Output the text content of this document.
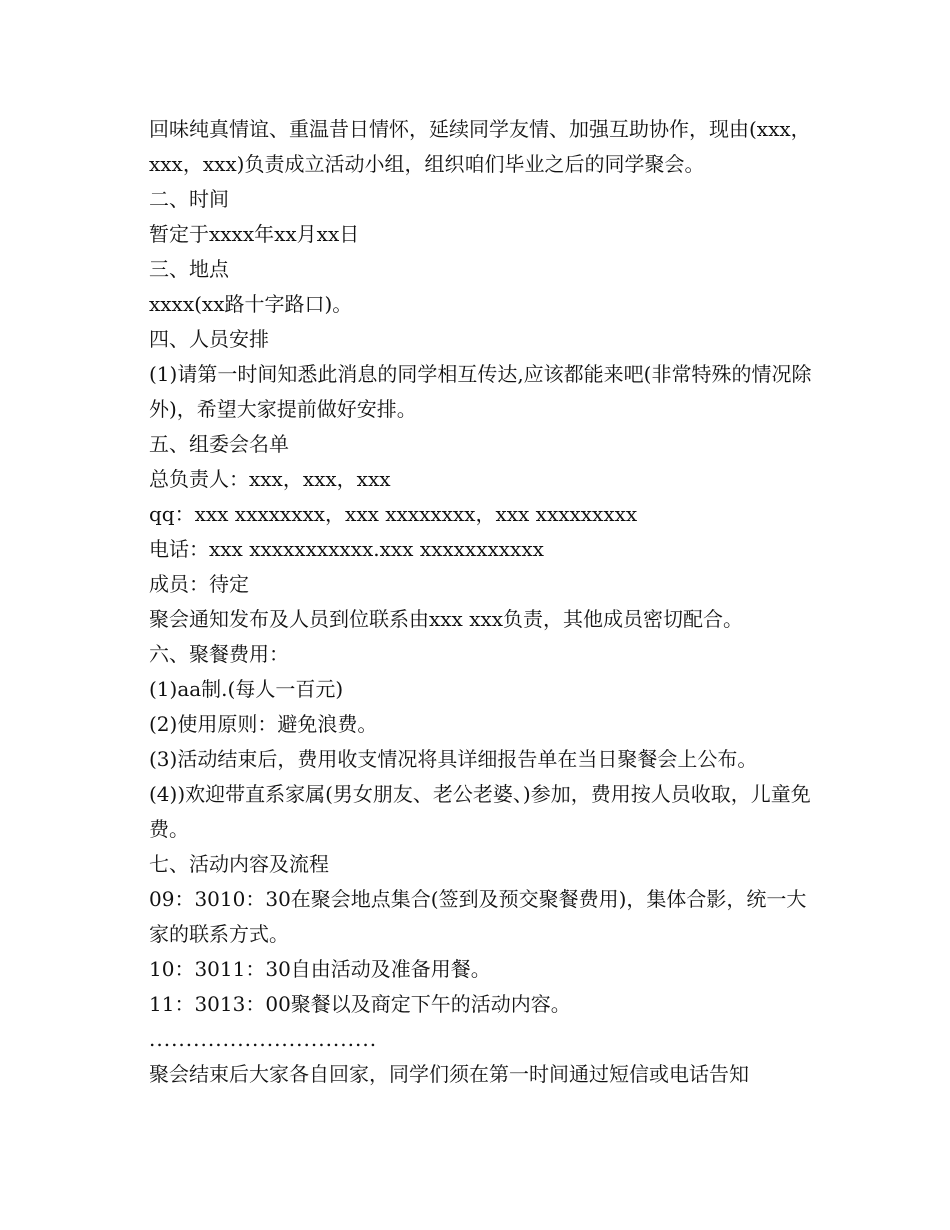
回味纯真情谊、重温昔日情怀，延续同学友情、加强互助协作，现由(xxx，xxx，xxx)负责成立活动小组，组织咱们毕业之后的同学聚会。

二、时间

暂定于xxxx年xx月xx日

三、地点

xxxx(xx路十字路口)。

四、人员安排

(1)请第一时间知悉此消息的同学相互传达,应该都能来吧(非常特殊的情况除外)，希望大家提前做好安排。

五、组委会名单

总负责人：xxx，xxx，xxx

qq：xxx xxxxxxxx，xxx xxxxxxxx，xxx xxxxxxxxx

电话：xxx xxxxxxxxxxx.xxx xxxxxxxxxxx

成员：待定

聚会通知发布及人员到位联系由xxx xxx负责，其他成员密切配合。

六、聚餐费用：

(1)aa制.(每人一百元)

(2)使用原则：避免浪费。

(3)活动结束后，费用收支情况将具详细报告单在当日聚餐会上公布。

(4))欢迎带直系家属(男女朋友、老公老婆、)参加，费用按人员收取，儿童免费。

七、活动内容及流程

09：3010：30在聚会地点集合(签到及预交聚餐费用)，集体合影，统一大家的联系方式。

10：3011：30自由活动及准备用餐。

11：3013：00聚餐以及商定下午的活动内容。

...............................

聚会结束后大家各自回家，同学们须在第一时间通过短信或电话告知
